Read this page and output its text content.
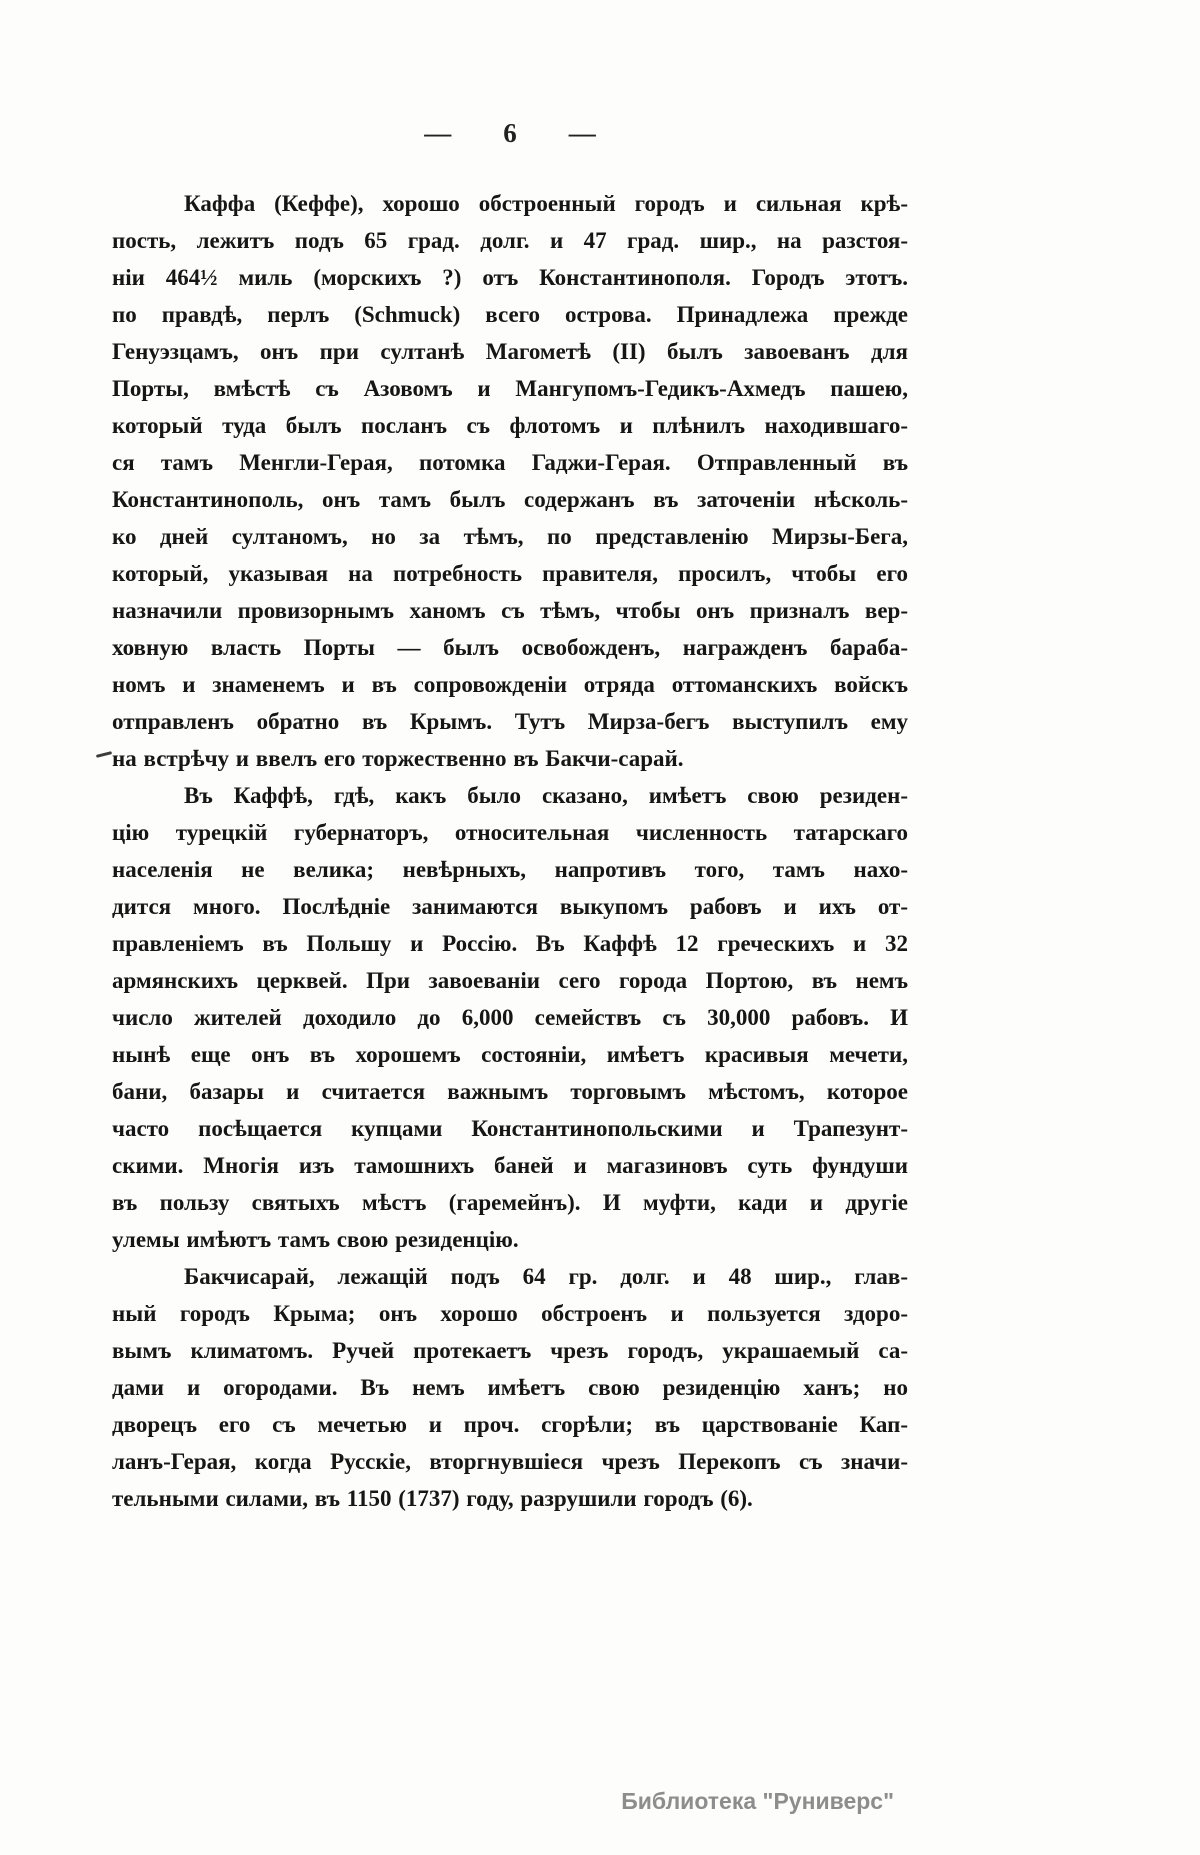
— 6 —
Каффа (Кеффе), хорошо обстроенный городъ и сильная крѣ-
пость, лежитъ подъ 65 град. долг. и 47 град. шир., на разстоя-
ніи 464½ миль (морскихъ ?) отъ Константинополя. Городъ этотъ.
по правдѣ, перлъ (Schmuck) всего острова. Принадлежа прежде
Генуэзцамъ, онъ при султанѣ Магометѣ (II) былъ завоеванъ для
Порты, вмѣстѣ съ Азовомъ и Мангупомъ-Гедикъ-Ахмедъ пашею,
который туда былъ посланъ съ флотомъ и плѣнилъ находившаго-
ся тамъ Менгли-Герая, потомка Гаджи-Герая. Отправленный въ
Константинополь, онъ тамъ былъ содержанъ въ заточеніи нѣсколь-
ко дней султаномъ, но за тѣмъ, по представленію Мирзы-Бега,
который, указывая на потребность правителя, просилъ, чтобы его
назначили провизорнымъ ханомъ съ тѣмъ, чтобы онъ призналъ вер-
ховную власть Порты — былъ освобожденъ, награжденъ бараба-
номъ и знаменемъ и въ сопровожденіи отряда оттоманскихъ войскъ
отправленъ обратно въ Крымъ. Тутъ Мирза-бегъ выступилъ ему
на встрѣчу и ввелъ его торжественно въ Бакчи-сарай.
Въ Каффѣ, гдѣ, какъ было сказано, имѣетъ свою резиден-
цію турецкій губернаторъ, относительная численность татарскаго
населенія не велика; невѣрныхъ, напротивъ того, тамъ нахо-
дится много. Послѣдніе занимаются выкупомъ рабовъ и ихъ от-
правленіемъ въ Польшу и Россію. Въ Каффѣ 12 греческихъ и 32
армянскихъ церквей. При завоеваніи сего города Портою, въ немъ
число жителей доходило до 6,000 семействъ съ 30,000 рабовъ. И
нынѣ еще онъ въ хорошемъ состояніи, имѣетъ красивыя мечети,
бани, базары и считается важнымъ торговымъ мѣстомъ, которое
часто посѣщается купцами Константинопольскими и Трапезунт-
скими. Многія изъ тамошнихъ баней и магазиновъ суть фундуши
въ пользу святыхъ мѣстъ (гаремейнъ). И муфти, кади и другіе
улемы имѣютъ тамъ свою резиденцію.
Бакчисарай, лежащій подъ 64 гр. долг. и 48 шир., глав-
ный городъ Крыма; онъ хорошо обстроенъ и пользуется здоро-
вымъ климатомъ. Ручей протекаетъ чрезъ городъ, украшаемый са-
дами и огородами. Въ немъ имѣетъ свою резиденцію ханъ; но
дворецъ его съ мечетью и проч. сгорѣли; въ царствованіе Кап-
ланъ-Герая, когда Русскіе, вторгнувшіеся чрезъ Перекопъ съ значи-
тельными силами, въ 1150 (1737) году, разрушили городъ (6).
Библиотека "Руниверс"
